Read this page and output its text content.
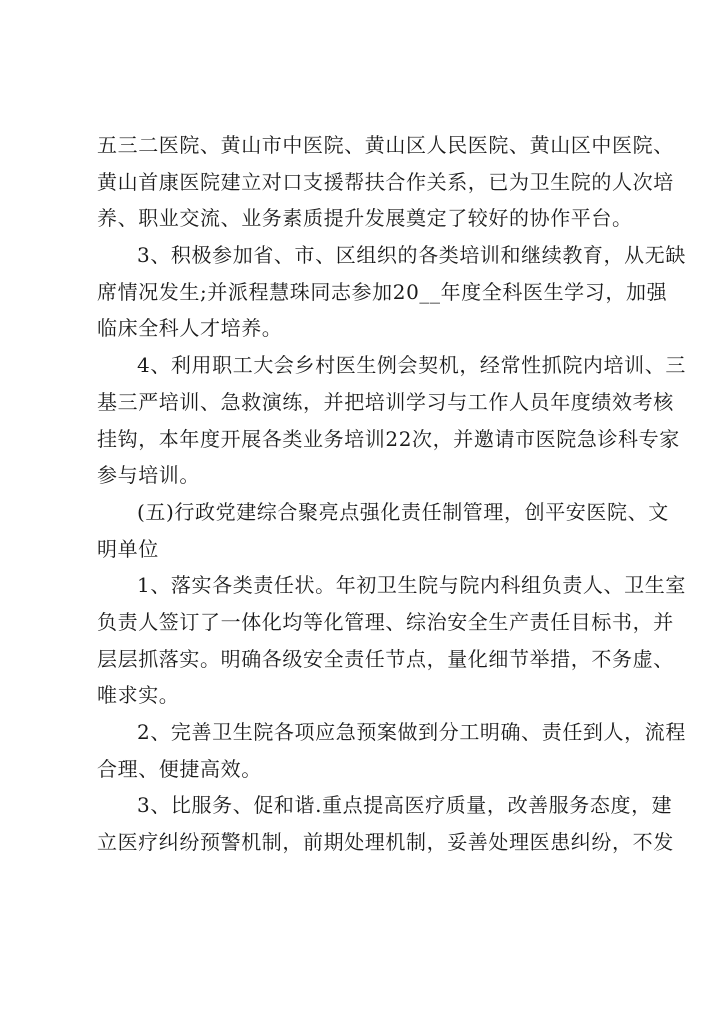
五三二医院、黄山市中医院、黄山区人民医院、黄山区中医院、
黄山首康医院建立对口支援帮扶合作关系，已为卫生院的人次培
养、职业交流、业务素质提升发展奠定了较好的协作平台。
3、积极参加省、市、区组织的各类培训和继续教育，从无缺
席情况发生;并派程慧珠同志参加20__年度全科医生学习，加强
临床全科人才培养。
4、利用职工大会乡村医生例会契机，经常性抓院内培训、三
基三严培训、急救演练，并把培训学习与工作人员年度绩效考核
挂钩，本年度开展各类业务培训22次，并邀请市医院急诊科专家
参与培训。
(五)行政党建综合聚亮点强化责任制管理，创平安医院、文
明单位
1、落实各类责任状。年初卫生院与院内科组负责人、卫生室
负责人签订了一体化均等化管理、综治安全生产责任目标书，并
层层抓落实。明确各级安全责任节点，量化细节举措，不务虚、
唯求实。
2、完善卫生院各项应急预案做到分工明确、责任到人，流程
合理、便捷高效。
3、比服务、促和谐.重点提高医疗质量，改善服务态度，建
立医疗纠纷预警机制，前期处理机制，妥善处理医患纠纷，不发
